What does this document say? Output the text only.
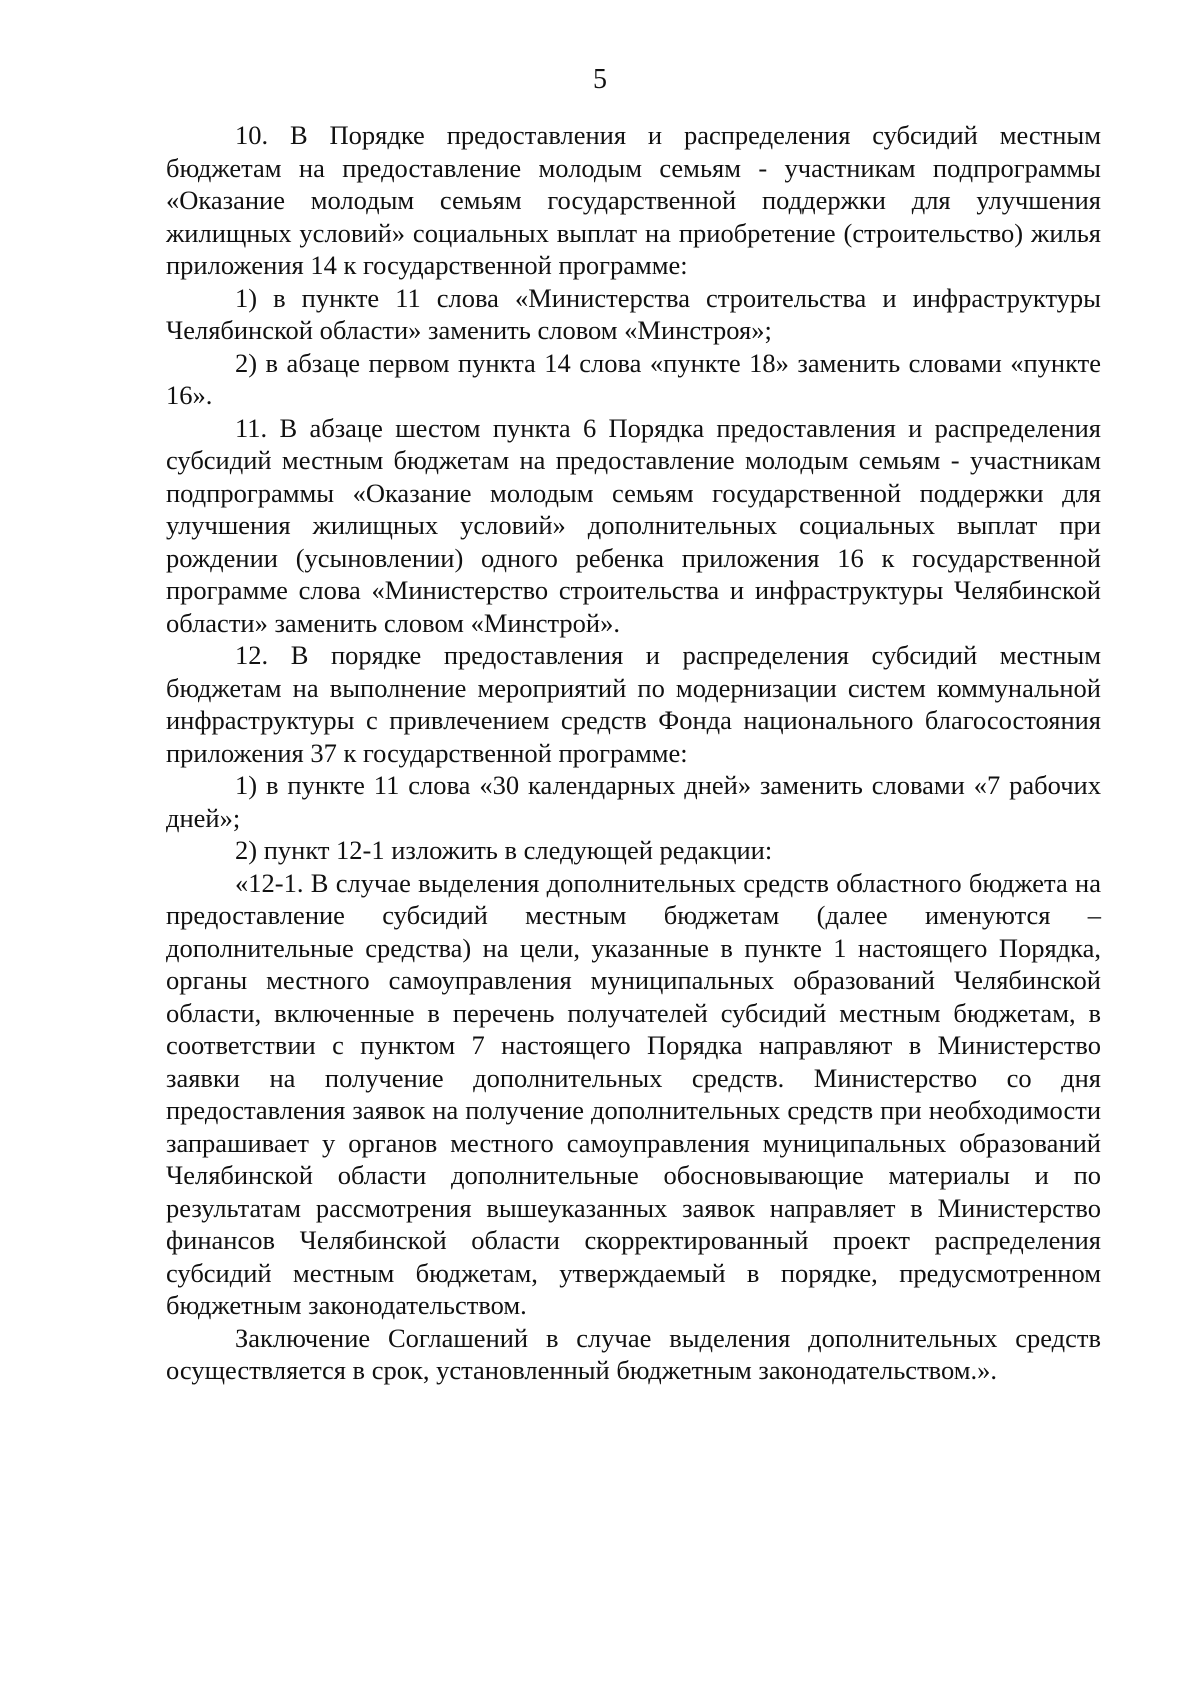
5

10. В Порядке предоставления и распределения субсидий местным бюджетам на предоставление молодым семьям - участникам подпрограммы «Оказание молодым семьям государственной поддержки для улучшения жилищных условий» социальных выплат на приобретение (строительство) жилья приложения 14 к государственной программе:

1) в пункте 11 слова «Министерства строительства и инфраструктуры Челябинской области» заменить словом «Минстроя»;

2) в абзаце первом пункта 14 слова «пункте 18» заменить словами «пункте 16».

11. В абзаце шестом пункта 6 Порядка предоставления и распределения субсидий местным бюджетам на предоставление молодым семьям - участникам подпрограммы «Оказание молодым семьям государственной поддержки для улучшения жилищных условий» дополнительных социальных выплат при рождении (усыновлении) одного ребенка приложения 16 к государственной программе слова «Министерство строительства и инфраструктуры Челябинской области» заменить словом «Минстрой».

12. В порядке предоставления и распределения субсидий местным бюджетам на выполнение мероприятий по модернизации систем коммунальной инфраструктуры с привлечением средств Фонда национального благосостояния приложения 37 к государственной программе:

1) в пункте 11 слова «30 календарных дней» заменить словами «7 рабочих дней»;

2) пункт 12-1 изложить в следующей редакции:

«12-1. В случае выделения дополнительных средств областного бюджета на предоставление субсидий местным бюджетам (далее именуются – дополнительные средства) на цели, указанные в пункте 1 настоящего Порядка, органы местного самоуправления муниципальных образований Челябинской области, включенные в перечень получателей субсидий местным бюджетам, в соответствии с пунктом 7 настоящего Порядка направляют в Министерство заявки на получение дополнительных средств. Министерство со дня предоставления заявок на получение дополнительных средств при необходимости запрашивает у органов местного самоуправления муниципальных образований Челябинской области дополнительные обосновывающие материалы и по результатам рассмотрения вышеуказанных заявок направляет в Министерство финансов Челябинской области скорректированный проект распределения субсидий местным бюджетам, утверждаемый в порядке, предусмотренном бюджетным законодательством.

Заключение Соглашений в случае выделения дополнительных средств осуществляется в срок, установленный бюджетным законодательством.».
